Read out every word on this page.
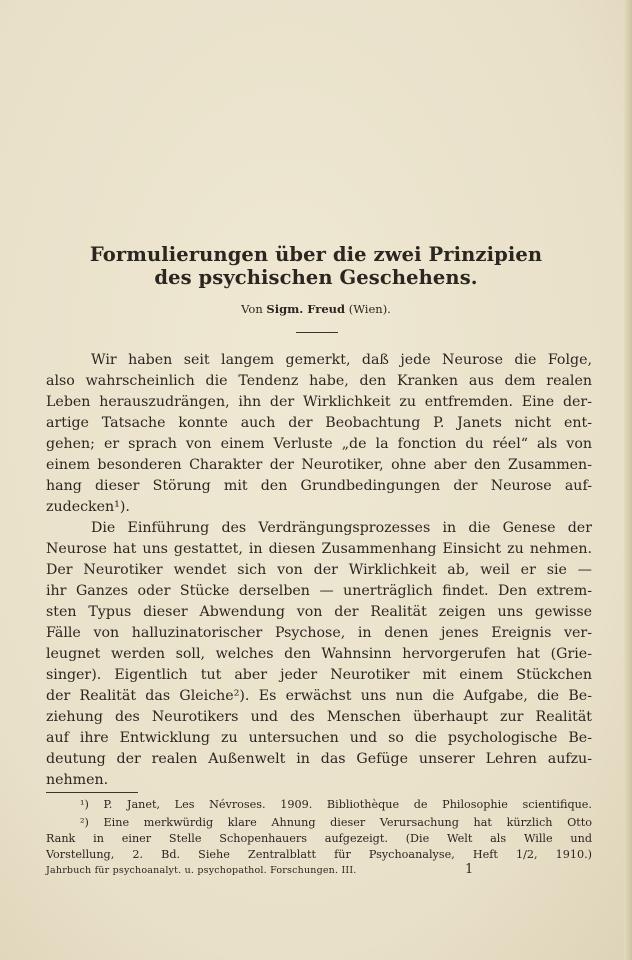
Formulierungen über die zwei Prinzipien
des psychischen Geschehens.
Von Sigm. Freud (Wien).
Wir haben seit langem gemerkt, daß jede Neurose die Folge,
also wahrscheinlich die Tendenz habe, den Kranken aus dem realen
Leben herauszudrängen, ihn der Wirklichkeit zu entfremden. Eine der-
artige Tatsache konnte auch der Beobachtung P. Janets nicht ent-
gehen; er sprach von einem Verluste „de la fonction du réel“ als von
einem besonderen Charakter der Neurotiker, ohne aber den Zusammen-
hang dieser Störung mit den Grundbedingungen der Neurose auf-
zudecken¹).
Die Einführung des Verdrängungsprozesses in die Genese der
Neurose hat uns gestattet, in diesen Zusammenhang Einsicht zu nehmen.
Der Neurotiker wendet sich von der Wirklichkeit ab, weil er sie —
ihr Ganzes oder Stücke derselben — unerträglich findet. Den extrem-
sten Typus dieser Abwendung von der Realität zeigen uns gewisse
Fälle von halluzinatorischer Psychose, in denen jenes Ereignis ver-
leugnet werden soll, welches den Wahnsinn hervorgerufen hat (Grie-
singer). Eigentlich tut aber jeder Neurotiker mit einem Stückchen
der Realität das Gleiche²). Es erwächst uns nun die Aufgabe, die Be-
ziehung des Neurotikers und des Menschen überhaupt zur Realität
auf ihre Entwicklung zu untersuchen und so die psychologische Be-
deutung der realen Außenwelt in das Gefüge unserer Lehren aufzu-
nehmen.
¹) P. Janet, Les Névroses. 1909. Bibliothèque de Philosophie scientifique.
²) Eine merkwürdig klare Ahnung dieser Verursachung hat kürzlich Otto
Rank in einer Stelle Schopenhauers aufgezeigt. (Die Welt als Wille und
Vorstellung, 2. Bd. Siehe Zentralblatt für Psychoanalyse, Heft 1/2, 1910.)
Jahrbuch für psychoanalyt. u. psychopathol. Forschungen. III.	1
